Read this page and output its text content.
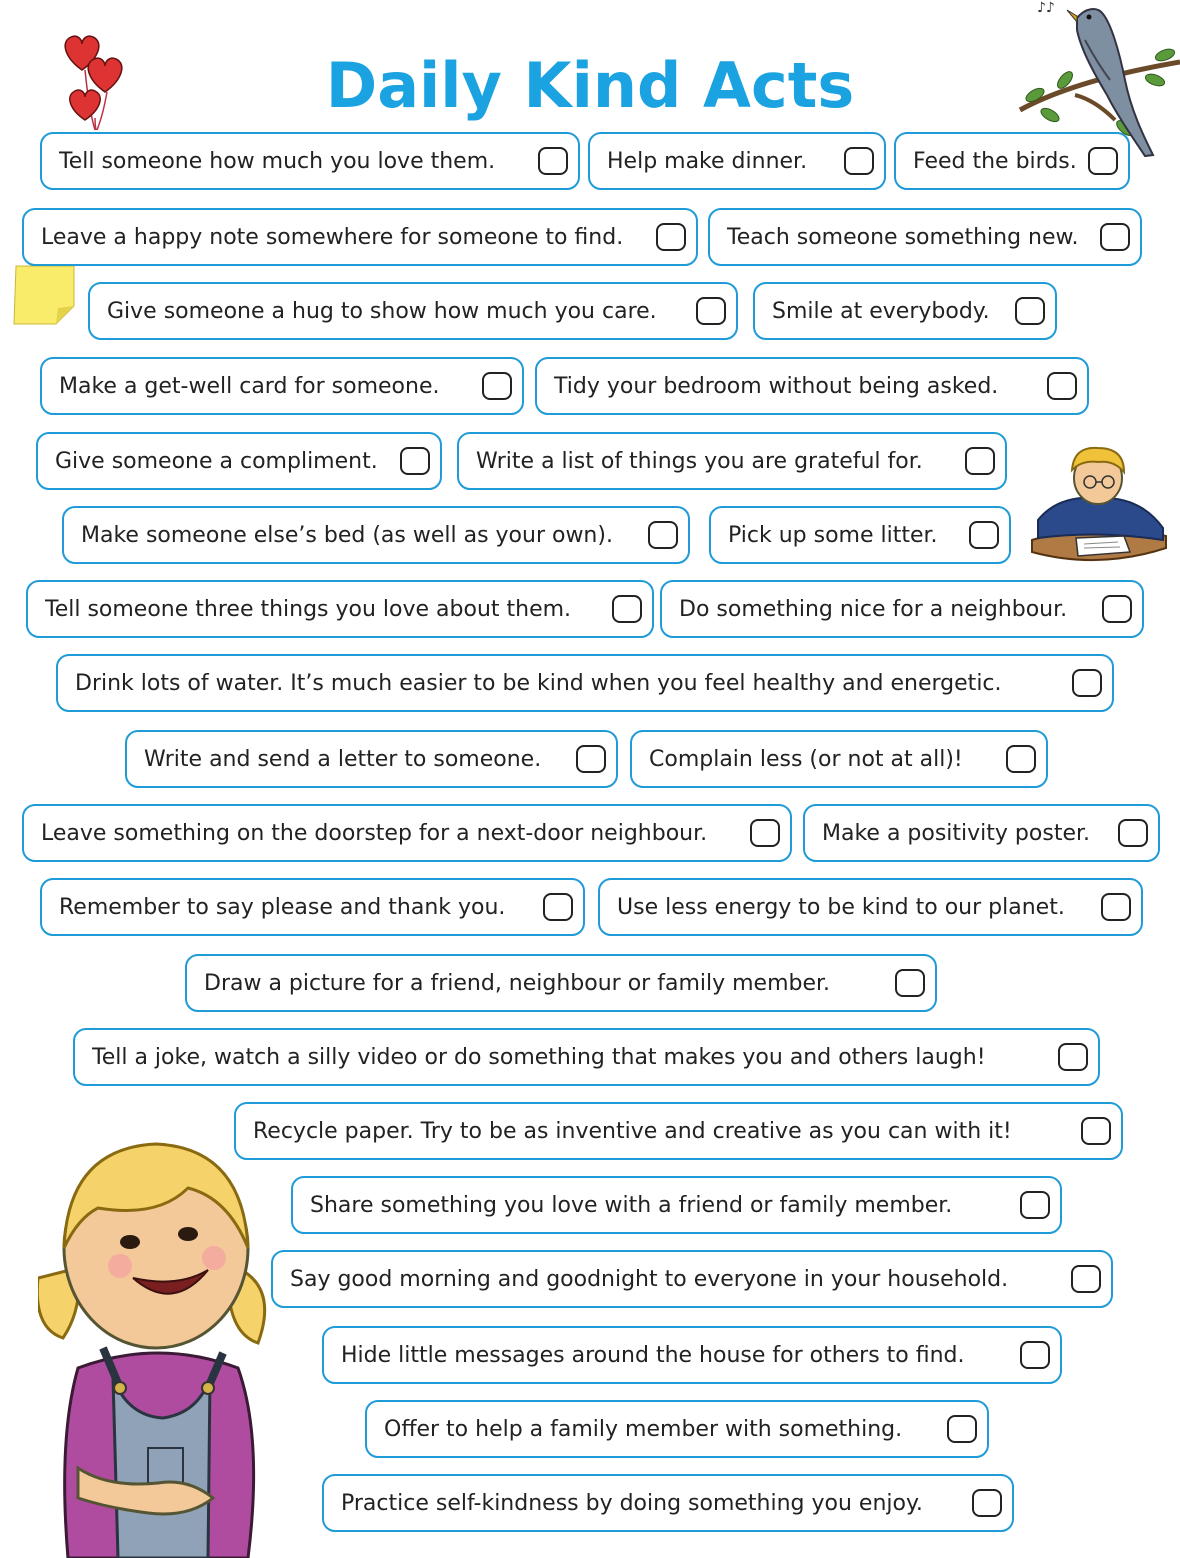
Daily Kind Acts
♪♪
Tell someone how much you love them.	Help make dinner.	Feed the birds.
Leave a happy note somewhere for someone to find.	Teach someone something new.
Give someone a hug to show how much you care.	Smile at everybody.
Make a get-well card for someone.	Tidy your bedroom without being asked.
Give someone a compliment.	Write a list of things you are grateful for.
Make someone else’s bed (as well as your own).	Pick up some litter.
Tell someone three things you love about them.	Do something nice for a neighbour.
Drink lots of water. It’s much easier to be kind when you feel healthy and energetic.
Write and send a letter to someone.	Complain less (or not at all)!
Leave something on the doorstep for a next-door neighbour.	Make a positivity poster.
Remember to say please and thank you.	Use less energy to be kind to our planet.
Draw a picture for a friend, neighbour or family member.
Tell a joke, watch a silly video or do something that makes you and others laugh!
Recycle paper. Try to be as inventive and creative as you can with it!
Share something you love with a friend or family member.
Say good morning and goodnight to everyone in your household.
Hide little messages around the house for others to find.
Offer to help a family member with something.
Practice self-kindness by doing something you enjoy.
